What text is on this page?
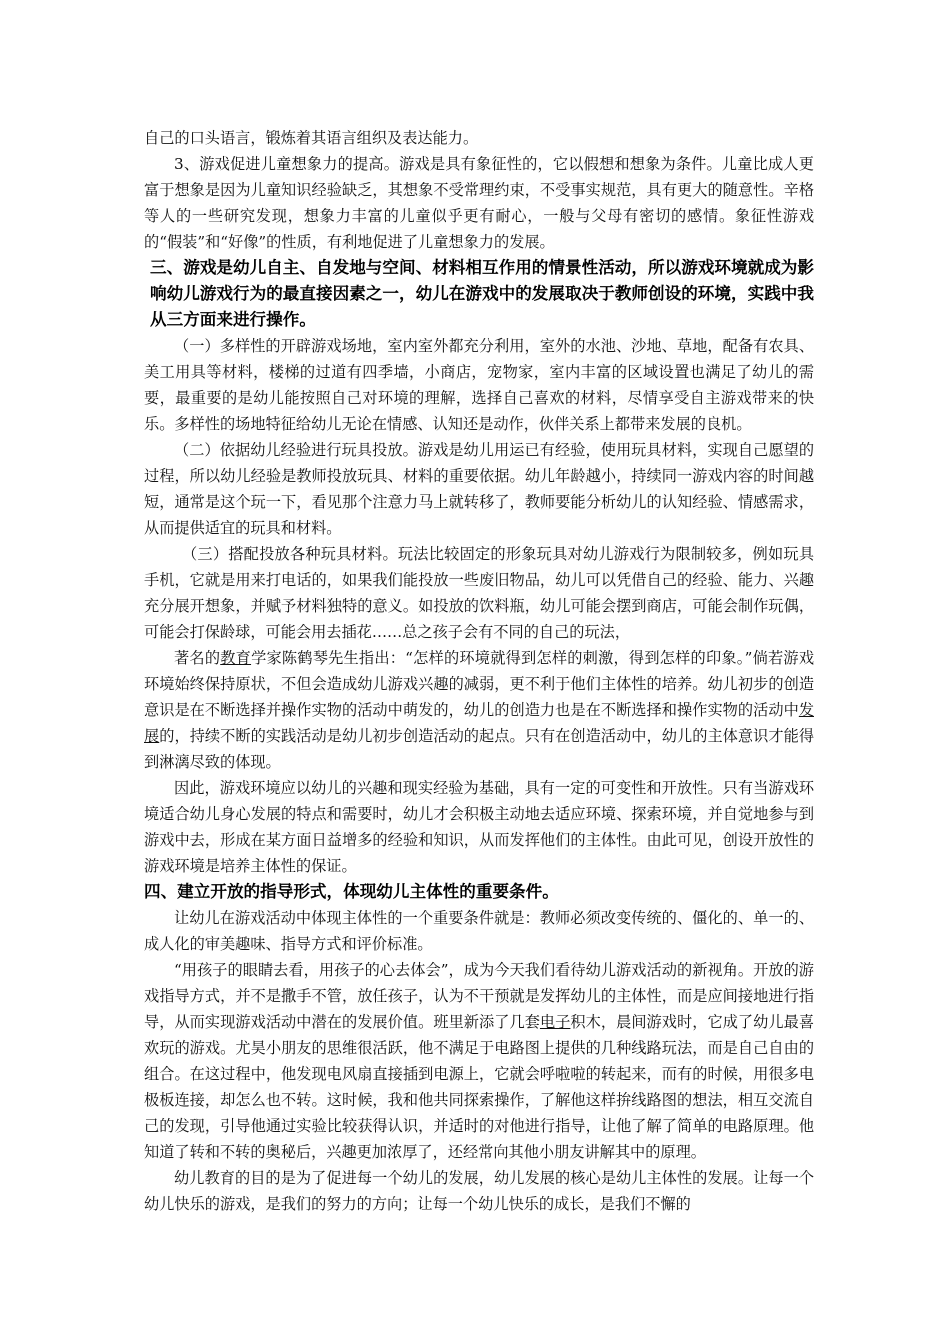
自己的口头语言，锻炼着其语言组织及表达能力。

3、游戏促进儿童想象力的提高。游戏是具有象征性的，它以假想和想象为条件。儿童比成人更富于想象是因为儿童知识经验缺乏，其想象不受常理约束，不受事实规范，具有更大的随意性。辛格等人的一些研究发现，想象力丰富的儿童似乎更有耐心，一般与父母有密切的感情。象征性游戏的“假装”和“好像”的性质，有利地促进了儿童想象力的发展。

三、游戏是幼儿自主、自发地与空间、材料相互作用的情景性活动，所以游戏环境就成为影响幼儿游戏行为的最直接因素之一，幼儿在游戏中的发展取决于教师创设的环境，实践中我从三方面来进行操作。

（一）多样性的开辟游戏场地，室内室外都充分利用，室外的水池、沙地、草地，配备有农具、美工用具等材料，楼梯的过道有四季墙，小商店，宠物家，室内丰富的区域设置也满足了幼儿的需要，最重要的是幼儿能按照自己对环境的理解，选择自己喜欢的材料，尽情享受自主游戏带来的快乐。多样性的场地特征给幼儿无论在情感、认知还是动作，伙伴关系上都带来发展的良机。

（二）依据幼儿经验进行玩具投放。游戏是幼儿用运已有经验，使用玩具材料，实现自己愿望的过程，所以幼儿经验是教师投放玩具、材料的重要依据。幼儿年龄越小，持续同一游戏内容的时间越短，通常是这个玩一下，看见那个注意力马上就转移了，教师要能分析幼儿的认知经验、情感需求，从而提供适宜的玩具和材料。

（三）搭配投放各种玩具材料。玩法比较固定的形象玩具对幼儿游戏行为限制较多，例如玩具手机，它就是用来打电话的，如果我们能投放一些废旧物品，幼儿可以凭借自己的经验、能力、兴趣充分展开想象，并赋予材料独特的意义。如投放的饮料瓶，幼儿可能会摆到商店，可能会制作玩偶，可能会打保龄球，可能会用去插花……总之孩子会有不同的自己的玩法，

著名的教育学家陈鹤琴先生指出：“怎样的环境就得到怎样的刺激，得到怎样的印象。”倘若游戏环境始终保持原状，不但会造成幼儿游戏兴趣的减弱，更不利于他们主体性的培养。幼儿初步的创造意识是在不断选择并操作实物的活动中萌发的，幼儿的创造力也是在不断选择和操作实物的活动中发展的，持续不断的实践活动是幼儿初步创造活动的起点。只有在创造活动中，幼儿的主体意识才能得到淋漓尽致的体现。

因此，游戏环境应以幼儿的兴趣和现实经验为基础，具有一定的可变性和开放性。只有当游戏环境适合幼儿身心发展的特点和需要时，幼儿才会积极主动地去适应环境、探索环境，并自觉地参与到游戏中去，形成在某方面日益增多的经验和知识，从而发挥他们的主体性。由此可见，创设开放性的游戏环境是培养主体性的保证。

四、建立开放的指导形式，体现幼儿主体性的重要条件。

让幼儿在游戏活动中体现主体性的一个重要条件就是：教师必须改变传统的、僵化的、单一的、成人化的审美趣味、指导方式和评价标准。

“用孩子的眼睛去看，用孩子的心去体会”，成为今天我们看待幼儿游戏活动的新视角。开放的游戏指导方式，并不是撒手不管，放任孩子，认为不干预就是发挥幼儿的主体性，而是应间接地进行指导，从而实现游戏活动中潜在的发展价值。班里新添了几套电子积木，晨间游戏时，它成了幼儿最喜欢玩的游戏。尤昊小朋友的思维很活跃，他不满足于电路图上提供的几种线路玩法，而是自己自由的组合。在这过程中，他发现电风扇直接插到电源上，它就会呼啦啦的转起来，而有的时候，用很多电极板连接，却怎么也不转。这时候，我和他共同探索操作，了解他这样拚线路图的想法，相互交流自己的发现，引导他通过实验比较获得认识，并适时的对他进行指导，让他了解了简单的电路原理。他知道了转和不转的奥秘后，兴趣更加浓厚了，还经常向其他小朋友讲解其中的原理。

幼儿教育的目的是为了促进每一个幼儿的发展，幼儿发展的核心是幼儿主体性的发展。让每一个幼儿快乐的游戏，是我们的努力的方向；让每一个幼儿快乐的成长，是我们不懈的
